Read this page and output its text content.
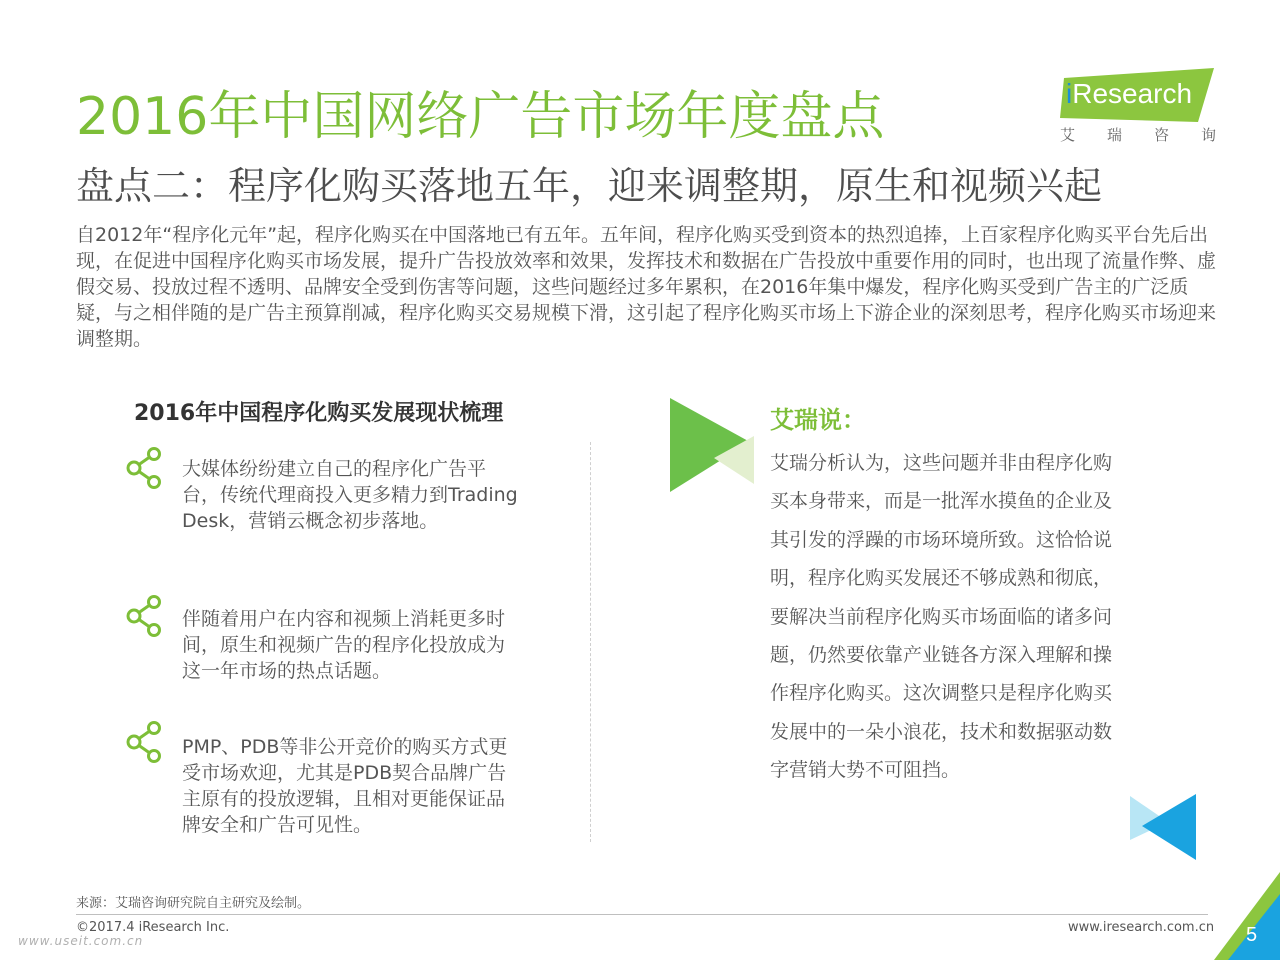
2016年中国网络广告市场年度盘点
盘点二：程序化购买落地五年，迎来调整期，原生和视频兴起
iResearch
艾 瑞 咨 询
自2012年“程序化元年”起，程序化购买在中国落地已有五年。五年间，程序化购买受到资本的热烈追捧，上百家程序化购买平台先后出现，在促进中国程序化购买市场发展，提升广告投放效率和效果，发挥技术和数据在广告投放中重要作用的同时，也出现了流量作弊、虚假交易、投放过程不透明、品牌安全受到伤害等问题，这些问题经过多年累积，在2016年集中爆发，程序化购买受到广告主的广泛质疑，与之相伴随的是广告主预算削减，程序化购买交易规模下滑，这引起了程序化购买市场上下游企业的深刻思考，程序化购买市场迎来调整期。
2016年中国程序化购买发展现状梳理
大媒体纷纷建立自己的程序化广告平台，传统代理商投入更多精力到Trading Desk，营销云概念初步落地。
伴随着用户在内容和视频上消耗更多时间，原生和视频广告的程序化投放成为这一年市场的热点话题。
PMP、PDB等非公开竞价的购买方式更受市场欢迎，尤其是PDB契合品牌广告主原有的投放逻辑，且相对更能保证品牌安全和广告可见性。
艾瑞说：
艾瑞分析认为，这些问题并非由程序化购买本身带来，而是一批浑水摸鱼的企业及其引发的浮躁的市场环境所致。这恰恰说明，程序化购买发展还不够成熟和彻底，要解决当前程序化购买市场面临的诸多问题，仍然要依靠产业链各方深入理解和操作程序化购买。这次调整只是程序化购买发展中的一朵小浪花，技术和数据驱动数字营销大势不可阻挡。
来源：艾瑞咨询研究院自主研究及绘制。
©2017.4 iResearch Inc.	www.iresearch.com.cn
www.useit.com.cn	5
